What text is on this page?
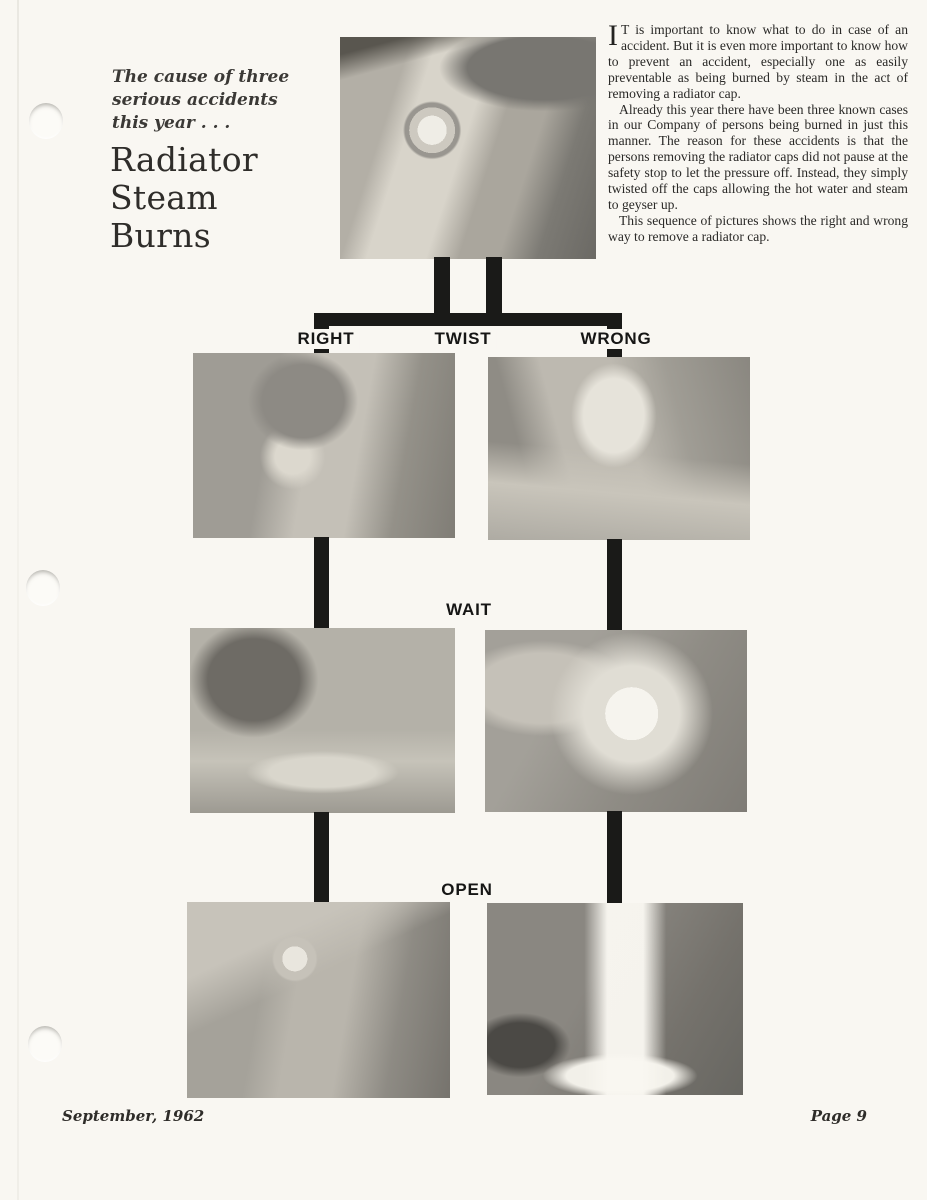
The cause of three serious accidents this year . . .
Radiator
Steam
Burns

I T is important to know what to do in case of an accident. But it is even more important to know how to prevent an accident, especially one as easily preventable as being burned by steam in the act of removing a radiator cap.

Already this year there have been three known cases in our Company of persons being burned in just this manner. The reason for these accidents is that the persons removing the radiator caps did not pause at the safety stop to let the pressure off. Instead, they simply twisted off the caps allowing the hot water and steam to geyser up.

This sequence of pictures shows the right and wrong way to remove a radiator cap.

RIGHT	TWIST	WRONG
WAIT
OPEN
September, 1962	Page 9
